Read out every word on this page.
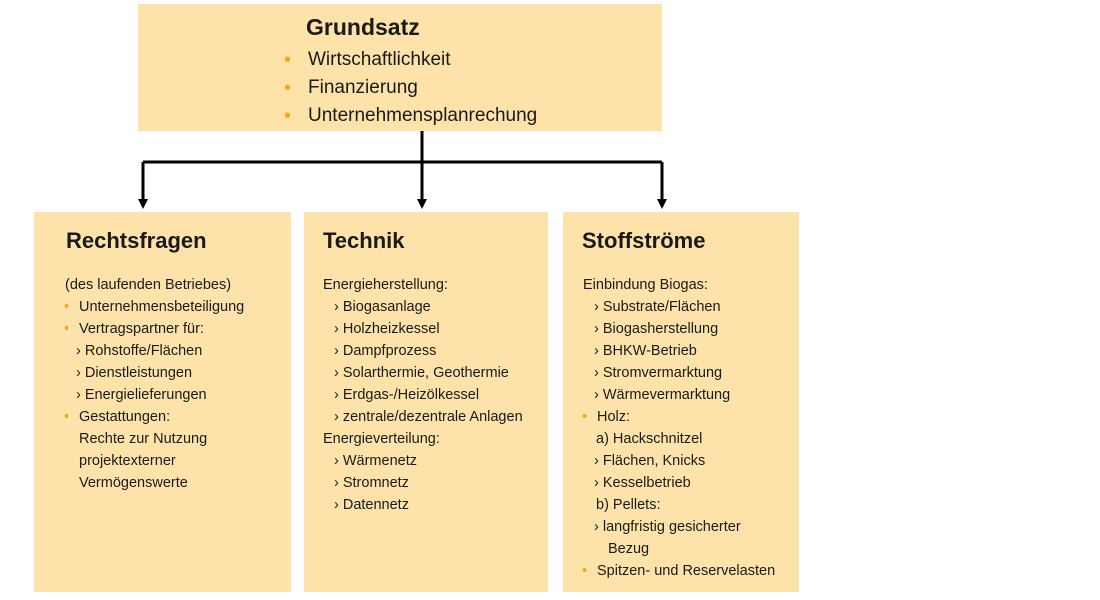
Grundsatz
• Wirtschaftlichkeit
• Finanzierung
• Unternehmensplanrechung
Rechtsfragen
(des laufenden Betriebes)
• Unternehmensbeteiligung
• Vertragspartner für:
› Rohstoffe/Flächen
› Dienstleistungen
› Energielieferungen
• Gestattungen:
Rechte zur Nutzung
projektexterner
Vermögenswerte
Technik
Energieherstellung:
› Biogasanlage
› Holzheizkessel
› Dampfprozess
› Solarthermie, Geothermie
› Erdgas-/Heizölkessel
› zentrale/dezentrale Anlagen
Energieverteilung:
› Wärmenetz
› Stromnetz
› Datennetz
Stoffströme
Einbindung Biogas:
› Substrate/Flächen
› Biogasherstellung
› BHKW-Betrieb
› Stromvermarktung
› Wärmevermarktung
• Holz:
a) Hackschnitzel
› Flächen, Knicks
› Kesselbetrieb
b) Pellets:
› langfristig gesicherter
Bezug
• Spitzen- und Reservelasten
